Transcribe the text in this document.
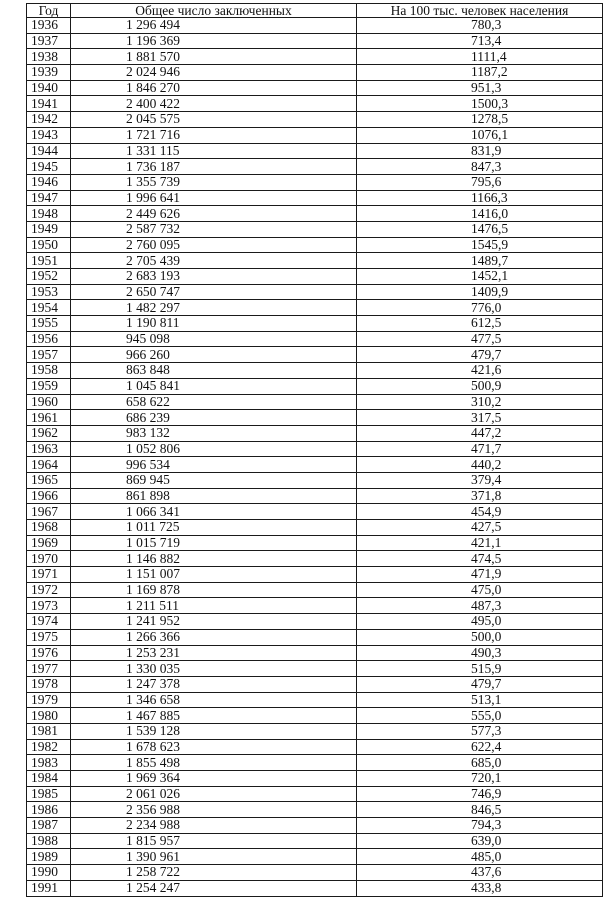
Год	Общее число заключенных	На 100 тыс. человек населения
1936	1 296 494	780,3
1937	1 196 369	713,4
1938	1 881 570	1111,4
1939	2 024 946	1187,2
1940	1 846 270	951,3
1941	2 400 422	1500,3
1942	2 045 575	1278,5
1943	1 721 716	1076,1
1944	1 331 115	831,9
1945	1 736 187	847,3
1946	1 355 739	795,6
1947	1 996 641	1166,3
1948	2 449 626	1416,0
1949	2 587 732	1476,5
1950	2 760 095	1545,9
1951	2 705 439	1489,7
1952	2 683 193	1452,1
1953	2 650 747	1409,9
1954	1 482 297	776,0
1955	1 190 811	612,5
1956	945 098	477,5
1957	966 260	479,7
1958	863 848	421,6
1959	1 045 841	500,9
1960	658 622	310,2
1961	686 239	317,5
1962	983 132	447,2
1963	1 052 806	471,7
1964	996 534	440,2
1965	869 945	379,4
1966	861 898	371,8
1967	1 066 341	454,9
1968	1 011 725	427,5
1969	1 015 719	421,1
1970	1 146 882	474,5
1971	1 151 007	471,9
1972	1 169 878	475,0
1973	1 211 511	487,3
1974	1 241 952	495,0
1975	1 266 366	500,0
1976	1 253 231	490,3
1977	1 330 035	515,9
1978	1 247 378	479,7
1979	1 346 658	513,1
1980	1 467 885	555,0
1981	1 539 128	577,3
1982	1 678 623	622,4
1983	1 855 498	685,0
1984	1 969 364	720,1
1985	2 061 026	746,9
1986	2 356 988	846,5
1987	2 234 988	794,3
1988	1 815 957	639,0
1989	1 390 961	485,0
1990	1 258 722	437,6
1991	1 254 247	433,8
